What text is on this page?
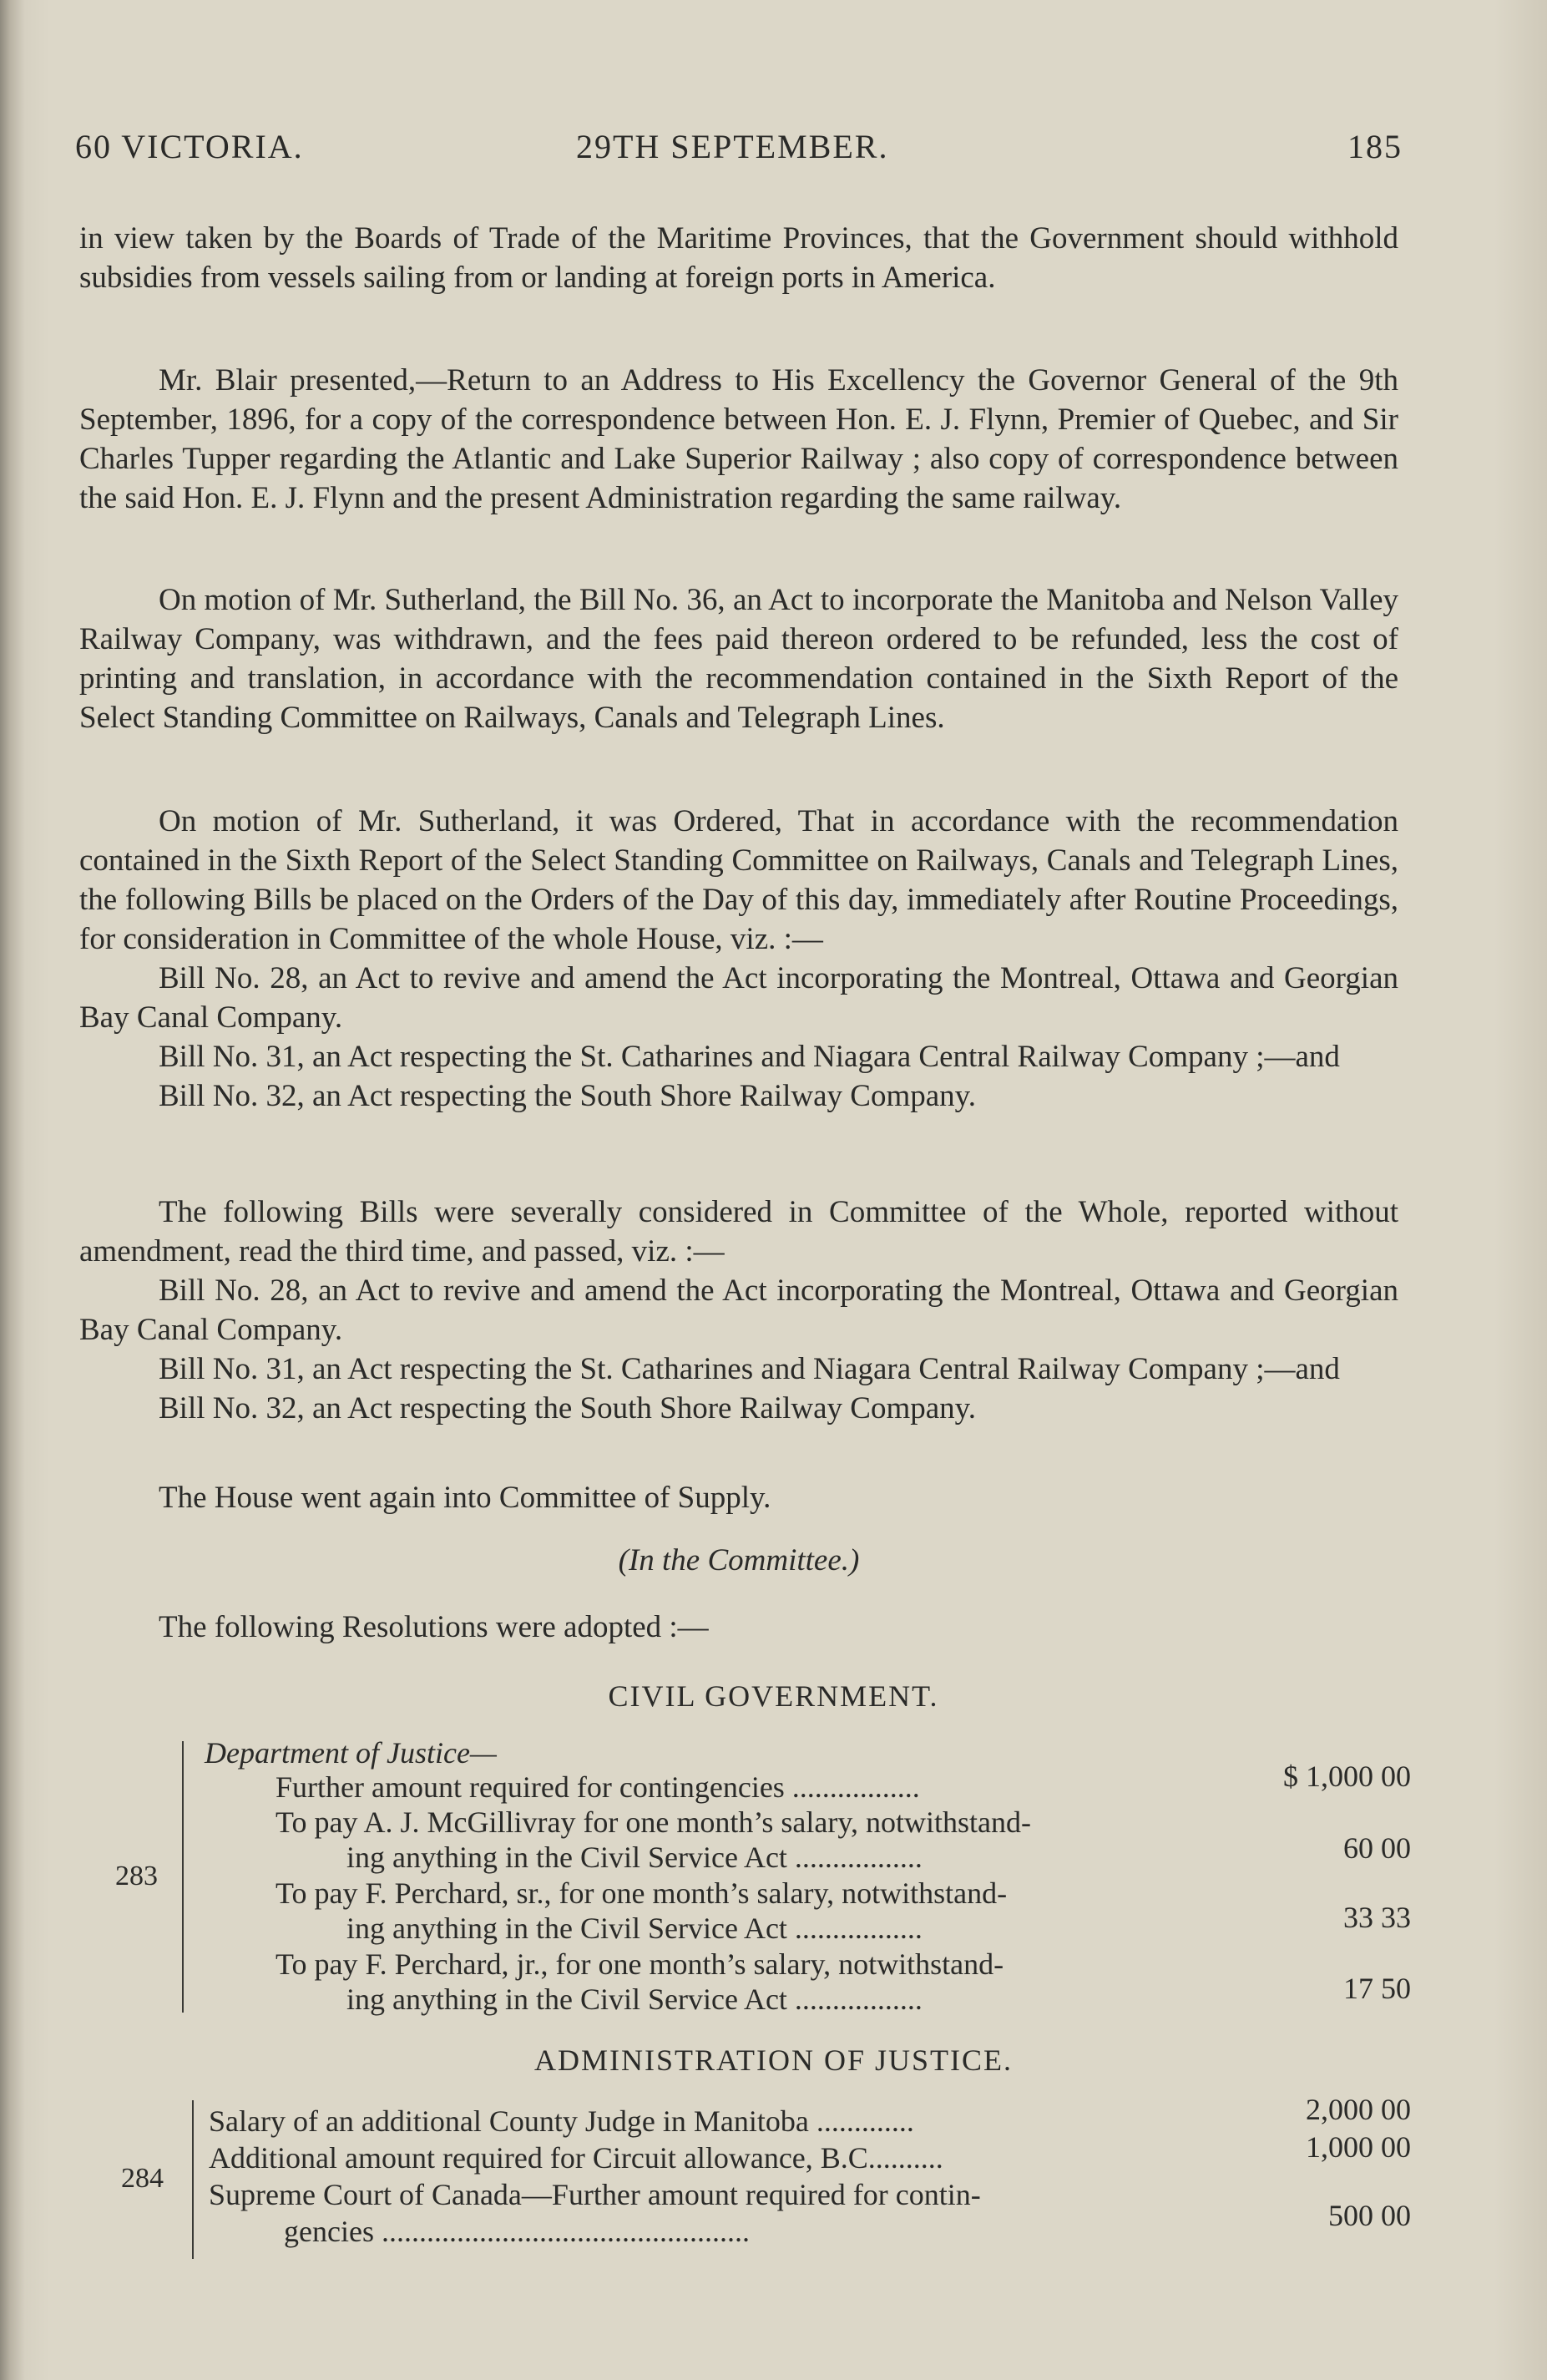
60 VICTORIA.	29TH SEPTEMBER.	185

in view taken by the Boards of Trade of the Maritime Provinces, that the Government should withhold subsidies from vessels sailing from or landing at foreign ports in America.

Mr. Blair presented,—Return to an Address to His Excellency the Governor General of the 9th September, 1896, for a copy of the correspondence between Hon. E. J. Flynn, Premier of Quebec, and Sir Charles Tupper regarding the Atlantic and Lake Superior Railway ; also copy of correspondence between the said Hon. E. J. Flynn and the present Administration regarding the same railway.

On motion of Mr. Sutherland, the Bill No. 36, an Act to incorporate the Manitoba and Nelson Valley Railway Company, was withdrawn, and the fees paid thereon ordered to be refunded, less the cost of printing and translation, in accordance with the recommendation contained in the Sixth Report of the Select Standing Committee on Railways, Canals and Telegraph Lines.

On motion of Mr. Sutherland, it was Ordered, That in accordance with the recommendation contained in the Sixth Report of the Select Standing Committee on Railways, Canals and Telegraph Lines, the following Bills be placed on the Orders of the Day of this day, immediately after Routine Proceedings, for consideration in Committee of the whole House, viz. :—

Bill No. 28, an Act to revive and amend the Act incorporating the Montreal, Ottawa and Georgian Bay Canal Company.

Bill No. 31, an Act respecting the St. Catharines and Niagara Central Railway Company ;—and

Bill No. 32, an Act respecting the South Shore Railway Company.

The following Bills were severally considered in Committee of the Whole, reported without amendment, read the third time, and passed, viz. :—

Bill No. 28, an Act to revive and amend the Act incorporating the Montreal, Ottawa and Georgian Bay Canal Company.

Bill No. 31, an Act respecting the St. Catharines and Niagara Central Railway Company ;—and

Bill No. 32, an Act respecting the South Shore Railway Company.

The House went again into Committee of Supply.

(In the Committee.)

The following Resolutions were adopted :—

CIVIL GOVERNMENT.
283
Department of Justice—
Further amount required for contingencies .................	$ 1,000 00
To pay A. J. McGillivray for one month’s salary, notwithstand-
ing anything in the Civil Service Act .................	60 00
To pay F. Perchard, sr., for one month’s salary, notwithstand-
ing anything in the Civil Service Act .................	33 33
To pay F. Perchard, jr., for one month’s salary, notwithstand-
ing anything in the Civil Service Act .................	17 50
ADMINISTRATION OF JUSTICE.
284
Salary of an additional County Judge in Manitoba .............	2,000 00
Additional amount required for Circuit allowance, B.C..........	1,000 00
Supreme Court of Canada—Further amount required for contin-
gencies .................................................	500 00
